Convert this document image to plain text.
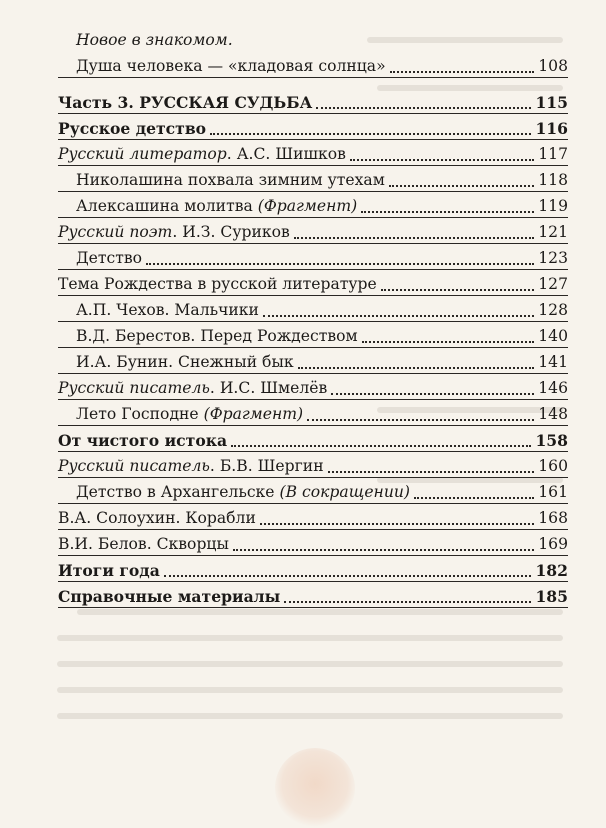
Новое в знакомом.
Душа человека — «кладовая солнца»	108
Часть 3. РУССКАЯ СУДЬБА	115
Русское детство	116
Русский литератор. А.С. Шишков	117
Николашина похвала зимним утехам	118
Алексашина молитва (Фрагмент)	119
Русский поэт. И.З. Суриков	121
Детство	123
Тема Рождества в русской литературе	127
А.П. Чехов. Мальчики	128
В.Д. Берестов. Перед Рождеством	140
И.А. Бунин. Снежный бык	141
Русский писатель. И.С. Шмелёв	146
Лето Господне (Фрагмент)	148
От чистого истока	158
Русский писатель. Б.В. Шергин	160
Детство в Архангельске (В сокращении)	161
В.А. Солоухин. Корабли	168
В.И. Белов. Скворцы	169
Итоги года	182
Справочные материалы	185
